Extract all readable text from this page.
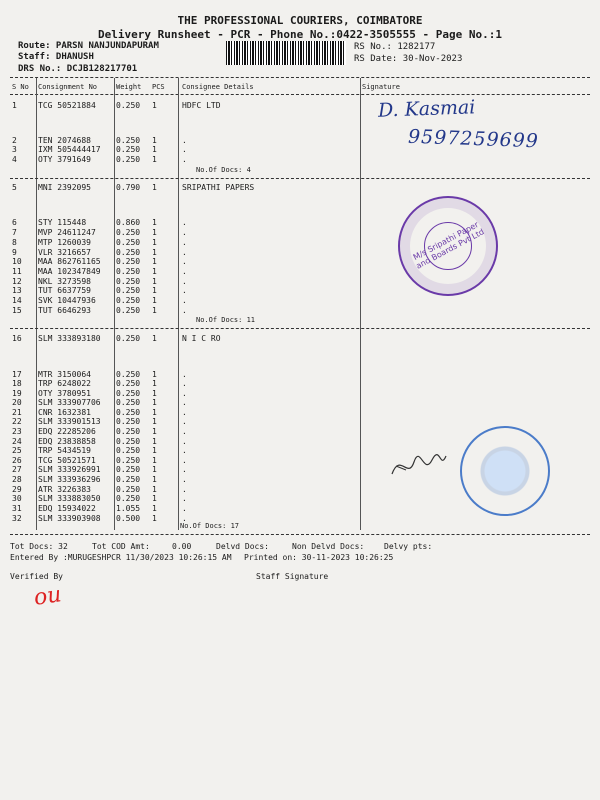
THE PROFESSIONAL COURIERS, COIMBATORE
Delivery Runsheet - PCR - Phone No.:0422-3505555 - Page No.:1
Route: PARSN NANJUNDAPURAM
Staff: DHANUSH
DRS No.: DCJB128217701
RS No.: 1282177
RS Date: 30-Nov-2023
S No Consignment No	Weight PCS Consignee Details	Signature
1	TCG 50521884	0.250 1	HDFC LTD
2	TEN 2074688	0.250 1	.
3	IXM 505444417 0.250 1	.
4	OTY 3791649	0.250 1	.
5	MNI 2392095	0.790 1	SRIPATHI PAPERS
6	STY 115448	0.860 1	.
7	MVP 24611247	0.250 1	.
8	MTP 1260039	0.250 1	.
9	VLR 3216657	0.250 1	.
10 MAA 862761165 0.250 1	.
11 MAA 102347849 0.250 1	.
12 NKL 3273598	0.250 1	.
13 TUT 6637759	0.250 1	.
14 SVK 10447936	0.250 1	.
15 TUT 6646293	0.250 1	.
16 SLM 333893180 0.250 1	N I C RO
17 MTR 3150064	0.250 1	.
18 TRP 6248022	0.250 1	.
19 OTY 3780951	0.250 1	.
20 SLM 333907706 0.250 1	.
21 CNR 1632381	0.250 1	.
22 SLM 333901513 0.250 1	.
23 EDQ 22285206	0.250 1	.
24 EDQ 23838858	0.250 1	.
25 TRP 5434519	0.250 1	.
26 TCG 50521571	0.250 1	.
27 SLM 333926991 0.250 1	.
28 SLM 333936296 0.250 1	.
29 ATR 3226383	0.250 1	.
30 SLM 333883050 0.250 1	.
31 EDQ 15934022	1.055 1	.
32 SLM 333903908 0.500 1	.
No.Of Docs: 4
No.Of Docs: 11
No.Of Docs: 17
Tot Docs: 32	Tot COD Amt:	0.00	Delvd Docs:	Non Delvd Docs: Delvy pts:
Entered By :MURUGESHPCR 11/30/2023 10:26:15 AM Printed on: 30-11-2023 10:26:25
Verified By	Staff Signature
D. Kasmai
9597259699
ou
M/s Sripathi Paper and Boards Pvt Ltd
